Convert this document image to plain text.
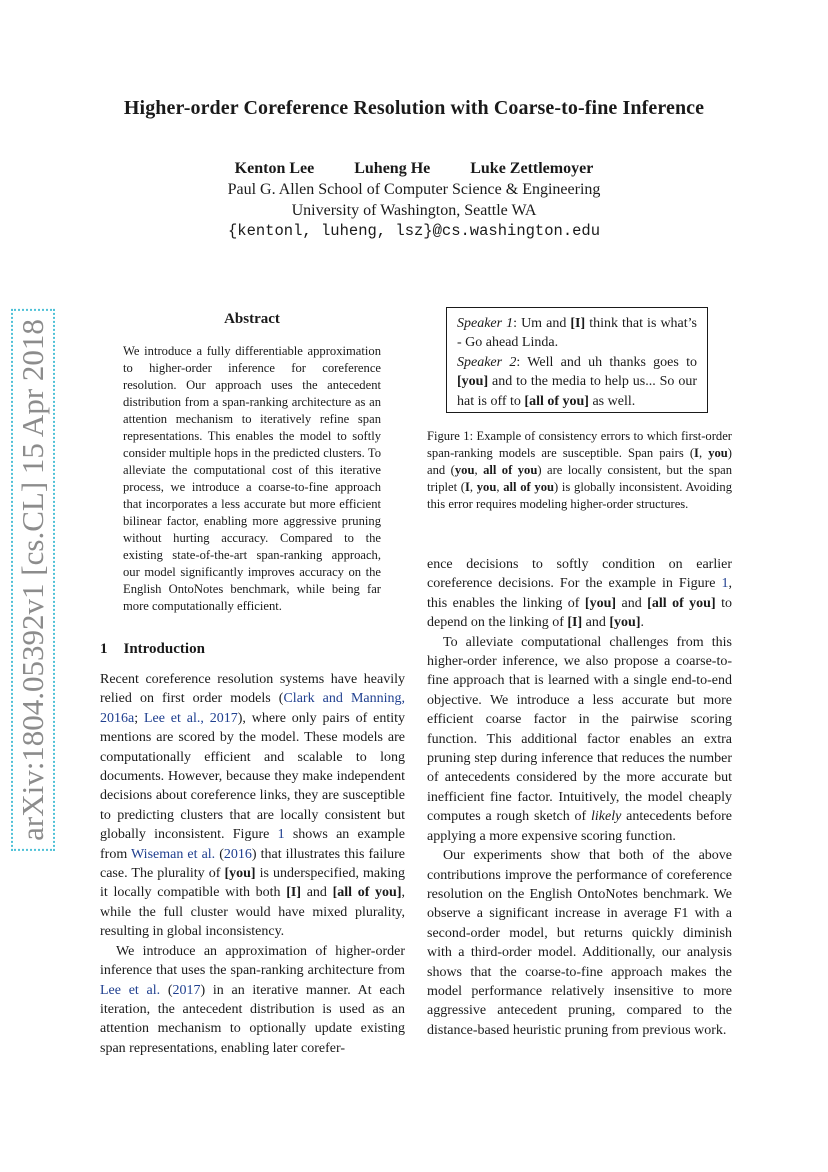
arXiv:1804.05392v1 [cs.CL] 15 Apr 2018
Higher-order Coreference Resolution with Coarse-to-fine Inference
Kenton Lee	Luheng He	Luke Zettlemoyer
Paul G. Allen School of Computer Science & Engineering
University of Washington, Seattle WA
{kentonl, luheng, lsz}@cs.washington.edu
Abstract
We introduce a fully differentiable approximation to higher-order inference for coreference resolution. Our approach uses the antecedent distribution from a span-ranking architecture as an attention mechanism to iteratively refine span representations. This enables the model to softly consider multiple hops in the predicted clusters. To alleviate the computational cost of this iterative process, we introduce a coarse-to-fine approach that incorporates a less accurate but more efficient bilinear factor, enabling more aggressive pruning without hurting accuracy. Compared to the existing state-of-the-art span-ranking approach, our model significantly improves accuracy on the English OntoNotes benchmark, while being far more computationally efficient.
1 Introduction

Recent coreference resolution systems have heavily relied on first order models (Clark and Manning, 2016a; Lee et al., 2017), where only pairs of entity mentions are scored by the model. These models are computationally efficient and scalable to long documents. However, because they make independent decisions about coreference links, they are susceptible to predicting clusters that are locally consistent but globally inconsistent. Figure 1 shows an example from Wiseman et al. (2016) that illustrates this failure case. The plurality of [you] is underspecified, making it locally compatible with both [I] and [all of you], while the full cluster would have mixed plurality, resulting in global inconsistency.

We introduce an approximation of higher-order inference that uses the span-ranking architecture from Lee et al. (2017) in an iterative manner. At each iteration, the antecedent distribution is used as an attention mechanism to optionally update existing span representations, enabling later corefer-

Speaker 1: Um and [I] think that is what’s - Go ahead Linda.

Speaker 2: Well and uh thanks goes to [you] and to the media to help us... So our hat is off to [all of you] as well.

Figure 1: Example of consistency errors to which first-order span-ranking models are susceptible. Span pairs (I, you) and (you, all of you) are locally consistent, but the span triplet (I, you, all of you) is globally inconsistent. Avoiding this error requires modeling higher-order structures.

ence decisions to softly condition on earlier coreference decisions. For the example in Figure 1, this enables the linking of [you] and [all of you] to depend on the linking of [I] and [you].

To alleviate computational challenges from this higher-order inference, we also propose a coarse-to-fine approach that is learned with a single end-to-end objective. We introduce a less accurate but more efficient coarse factor in the pairwise scoring function. This additional factor enables an extra pruning step during inference that reduces the number of antecedents considered by the more accurate but inefficient fine factor. Intuitively, the model cheaply computes a rough sketch of likely antecedents before applying a more expensive scoring function.

Our experiments show that both of the above contributions improve the performance of coreference resolution on the English OntoNotes benchmark. We observe a significant increase in average F1 with a second-order model, but returns quickly diminish with a third-order model. Additionally, our analysis shows that the coarse-to-fine approach makes the model performance relatively insensitive to more aggressive antecedent pruning, compared to the distance-based heuristic pruning from previous work.
